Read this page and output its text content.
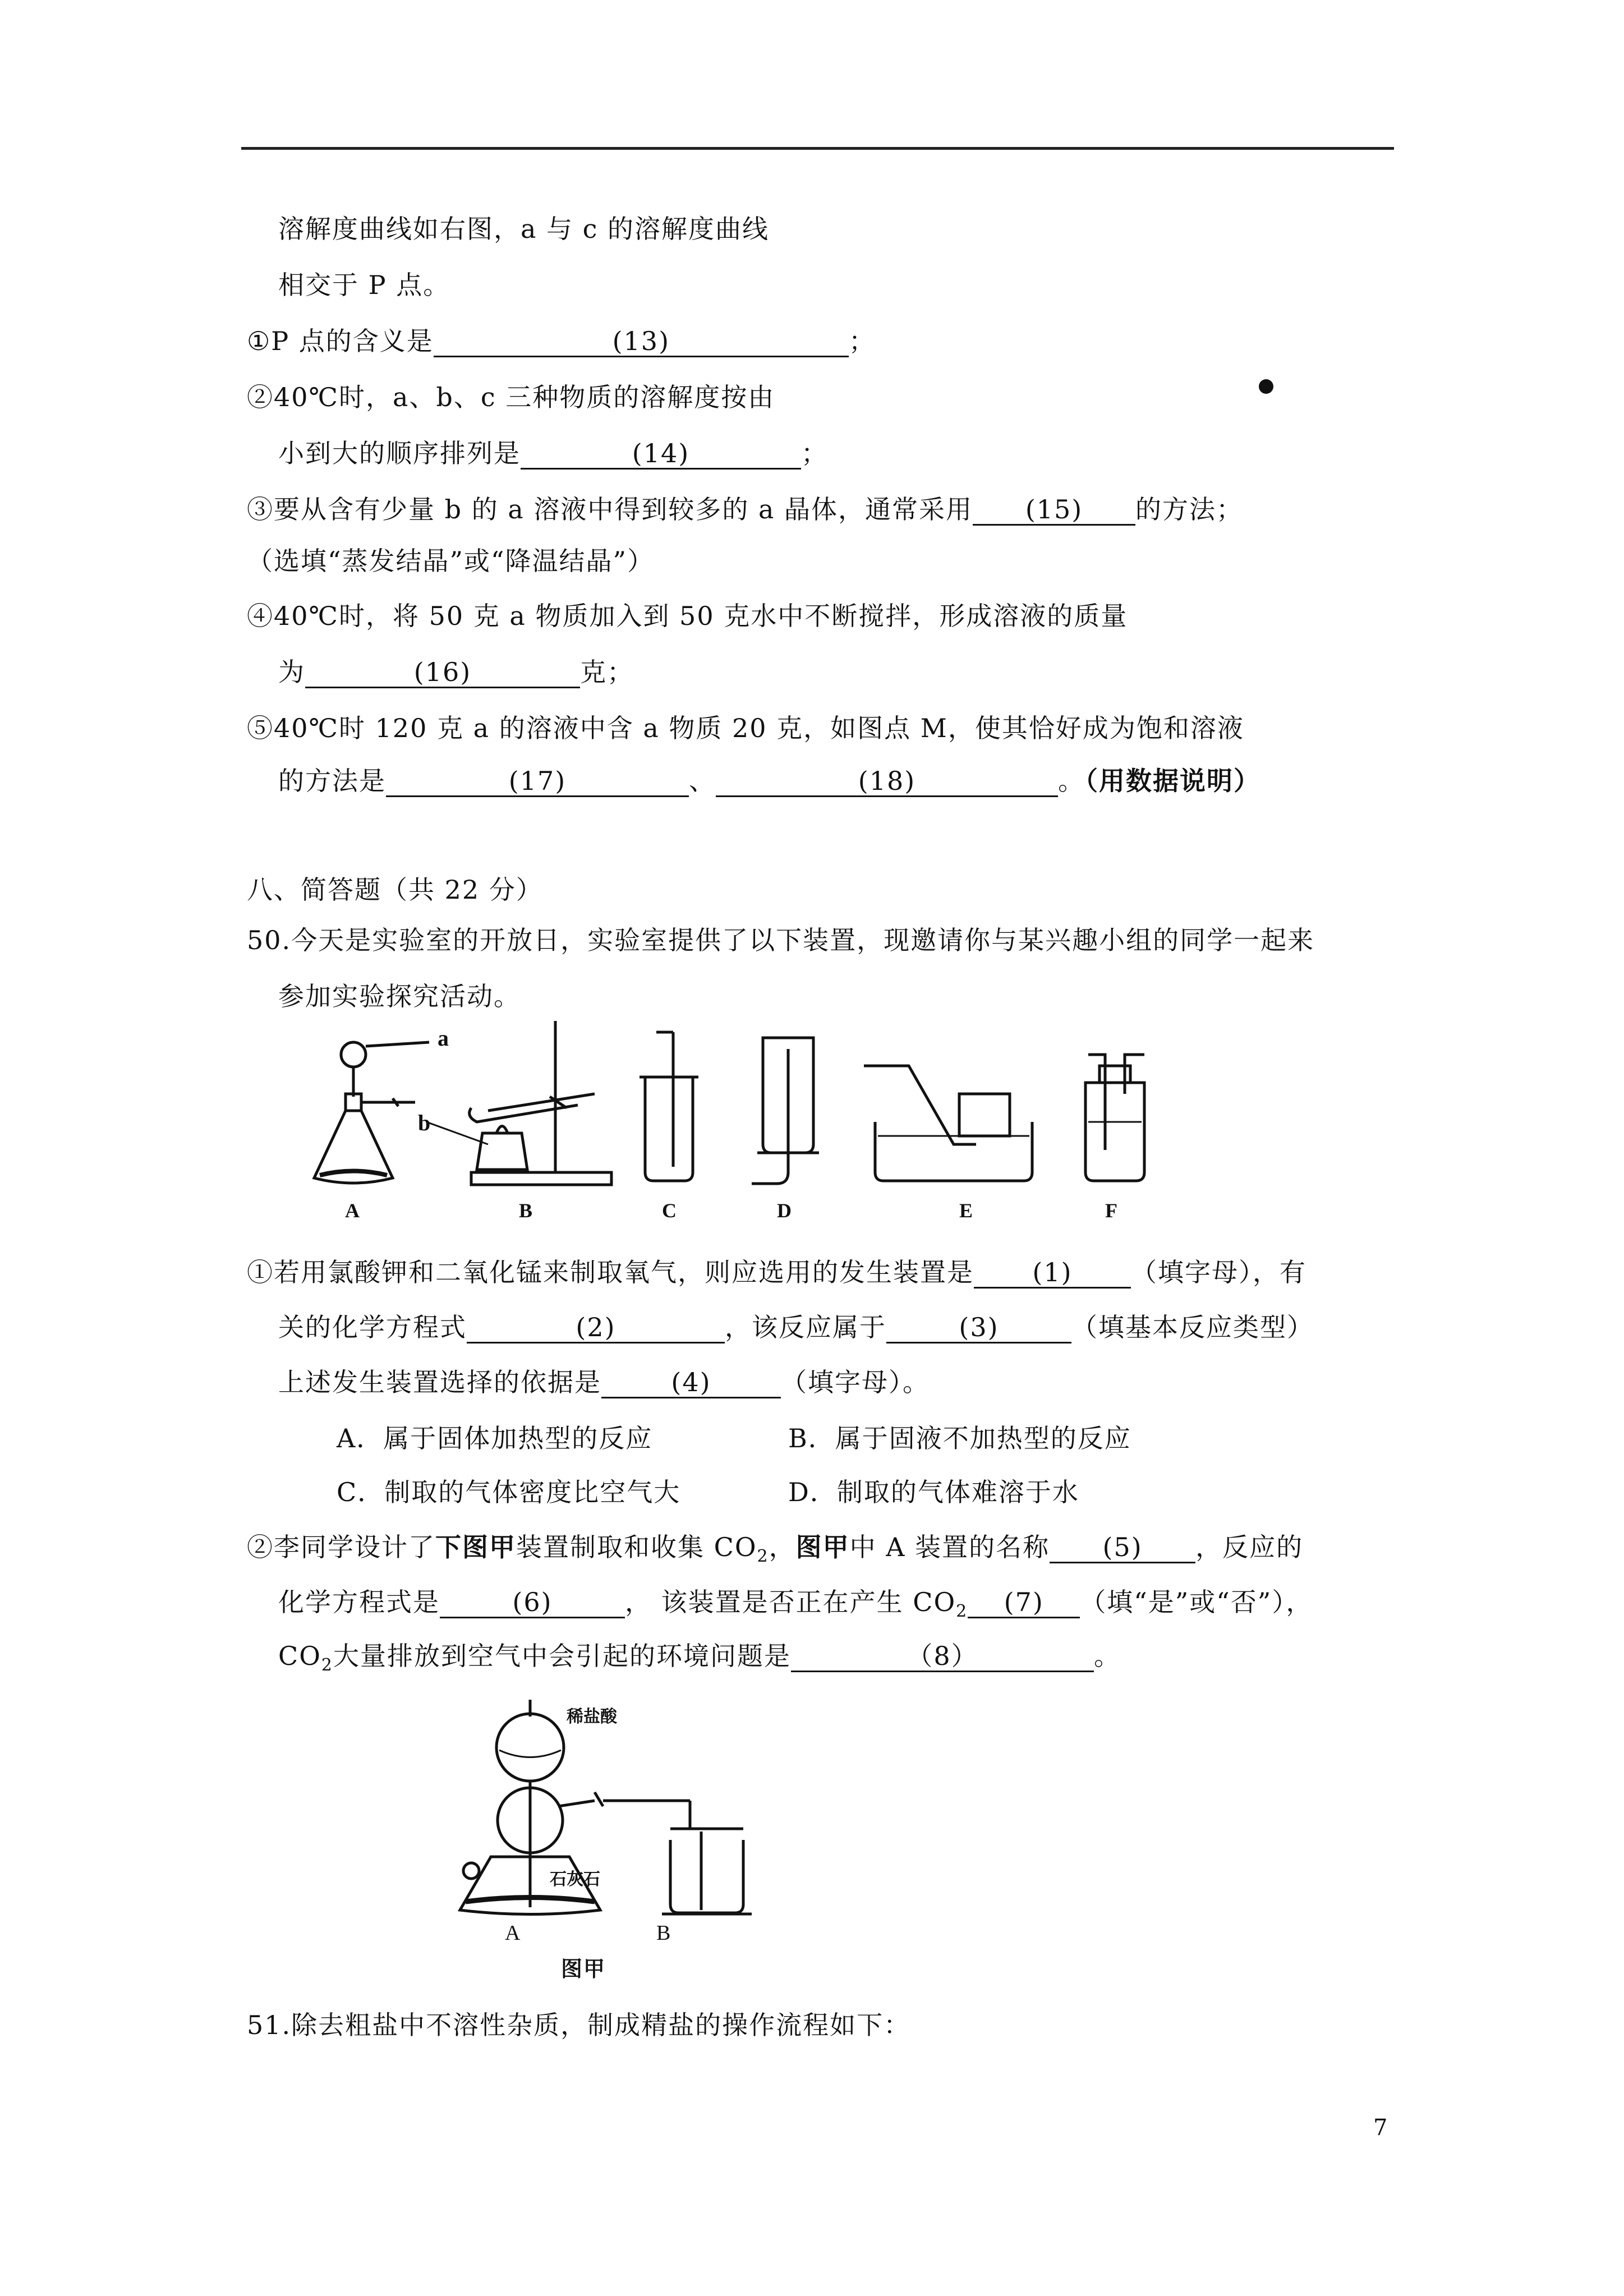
溶解度曲线如右图，a 与 c 的溶解度曲线
相交于 P 点。
①P 点的含义是	(13)	；
②40℃时，a、b、c 三种物质的溶解度按由
小到大的顺序排列是	(14)	；
③要从含有少量 b 的 a 溶液中得到较多的 a 晶体，通常采用 (15) 的方法；
（选填“蒸发结晶”或“降温结晶”）
④40℃时，将 50 克 a 物质加入到 50 克水中不断搅拌，形成溶液的质量
为	(16)	克；
⑤40℃时 120 克 a 的溶液中含 a 物质 20 克，如图点 M，使其恰好成为饱和溶液
的方法是	(17)	、	(18)	。（用数据说明）
八、简答题（共 22 分）
50.今天是实验室的开放日，实验室提供了以下装置，现邀请你与某兴趣小组的同学一起来
参加实验探究活动。
a
b
A	B	C	D	E	F
①若用氯酸钾和二氧化锰来制取氧气，则应选用的发生装置是 (1) （填字母），有
关的化学方程式	(2)	，该反应属于	(3)	（填基本反应类型）
上述发生装置选择的依据是	(4)	（填字母）。
A．属于固体加热型的反应	B．属于固液不加热型的反应
C．制取的气体密度比空气大	D．制取的气体难溶于水
②李同学设计了下图甲装置制取和收集 $CO_2$，图甲中 A 装置的名称 (5) ，反应的
化学方程式是	(6)	， 该装置是否正在产生 $CO_2$ (7) （填“是”或“否”），
$CO_2$大量排放到空气中会引起的环境问题是	（8）	。
稀盐酸
石灰石
A	B
图甲
51.除去粗盐中不溶性杂质，制成精盐的操作流程如下：
7
